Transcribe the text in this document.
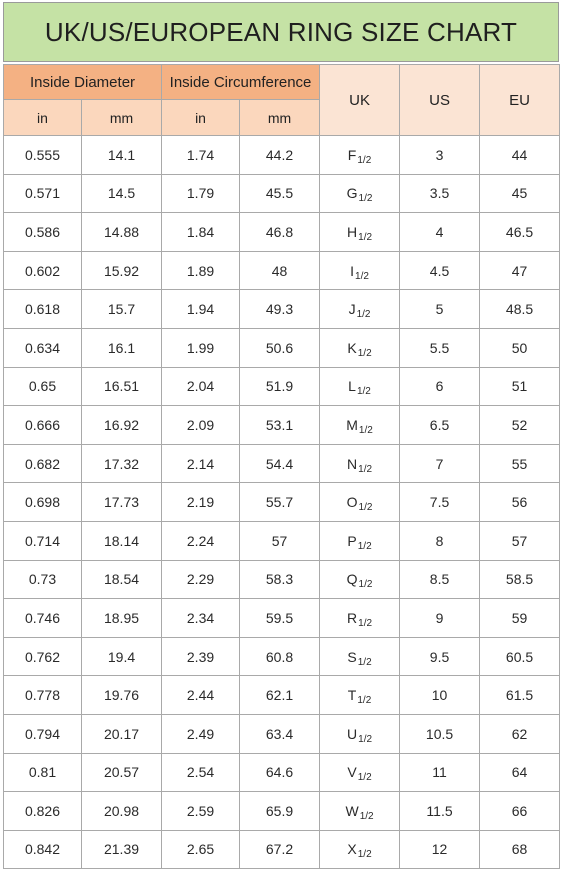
UK/US/EUROPEAN RING SIZE CHART
Inside Diameter		Inside Circumference		UK	US	EU
in	mm	in	mm			
0.555	14.1	1.74	44.2	$F_{1/2}$	3	44
0.571	14.5	1.79	45.5	$G_{1/2}$	3.5	45
0.586	14.88	1.84	46.8	$H_{1/2}$	4	46.5
0.602	15.92	1.89	48	$I_{1/2}$	4.5	47
0.618	15.7	1.94	49.3	$J_{1/2}$	5	48.5
0.634	16.1	1.99	50.6	$K_{1/2}$	5.5	50
0.65	16.51	2.04	51.9	$L_{1/2}$	6	51
0.666	16.92	2.09	53.1	$M_{1/2}$	6.5	52
0.682	17.32	2.14	54.4	$N_{1/2}$	7	55
0.698	17.73	2.19	55.7	$O_{1/2}$	7.5	56
0.714	18.14	2.24	57	$P_{1/2}$	8	57
0.73	18.54	2.29	58.3	$Q_{1/2}$	8.5	58.5
0.746	18.95	2.34	59.5	$R_{1/2}$	9	59
0.762	19.4	2.39	60.8	$S_{1/2}$	9.5	60.5
0.778	19.76	2.44	62.1	$T_{1/2}$	10	61.5
0.794	20.17	2.49	63.4	$U_{1/2}$	10.5	62
0.81	20.57	2.54	64.6	$V_{1/2}$	11	64
0.826	20.98	2.59	65.9	$W_{1/2}$	11.5	66
0.842	21.39	2.65	67.2	$X_{1/2}$	12	68
